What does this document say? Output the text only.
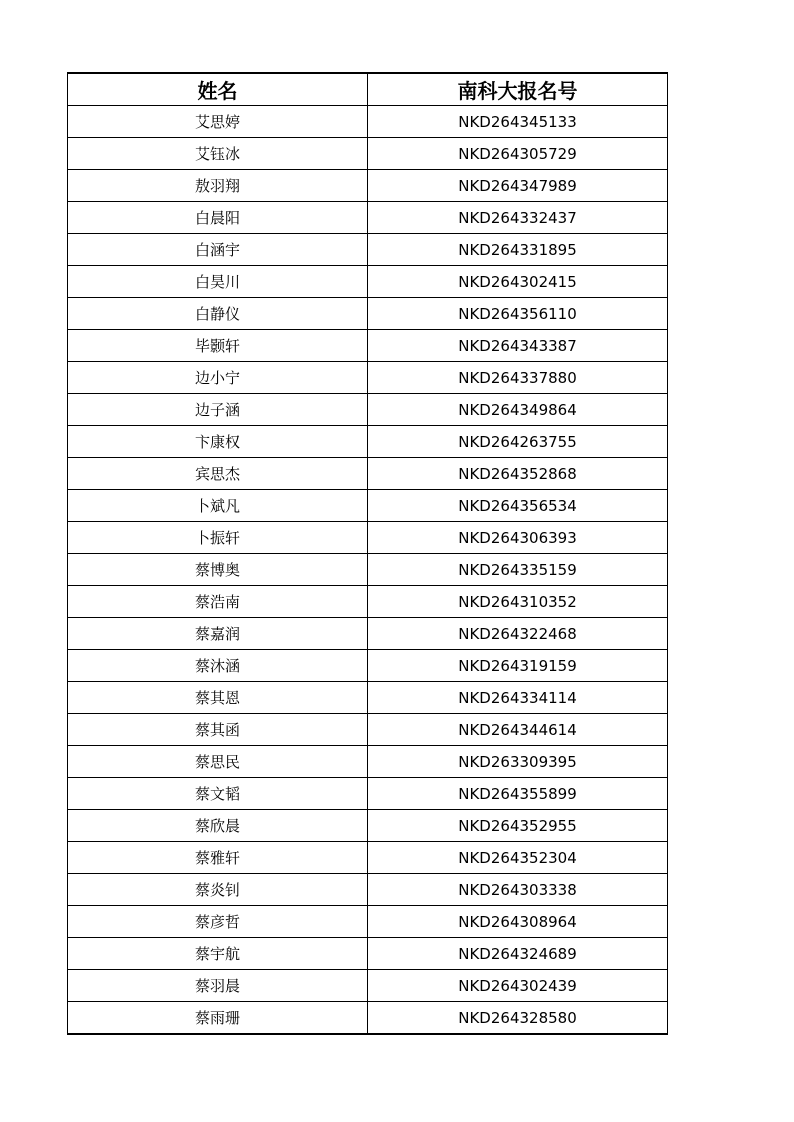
姓名	南科大报名号
艾思婷	NKD264345133
艾钰冰	NKD264305729
敖羽翔	NKD264347989
白晨阳	NKD264332437
白涵宇	NKD264331895
白昊川	NKD264302415
白静仪	NKD264356110
毕颢轩	NKD264343387
边小宁	NKD264337880
边子涵	NKD264349864
卞康权	NKD264263755
宾思杰	NKD264352868
卜斌凡	NKD264356534
卜振轩	NKD264306393
蔡博奥	NKD264335159
蔡浩南	NKD264310352
蔡嘉润	NKD264322468
蔡沐涵	NKD264319159
蔡其恩	NKD264334114
蔡其函	NKD264344614
蔡思民	NKD263309395
蔡文韬	NKD264355899
蔡欣晨	NKD264352955
蔡雅轩	NKD264352304
蔡炎钊	NKD264303338
蔡彦哲	NKD264308964
蔡宇航	NKD264324689
蔡羽晨	NKD264302439
蔡雨珊	NKD264328580
